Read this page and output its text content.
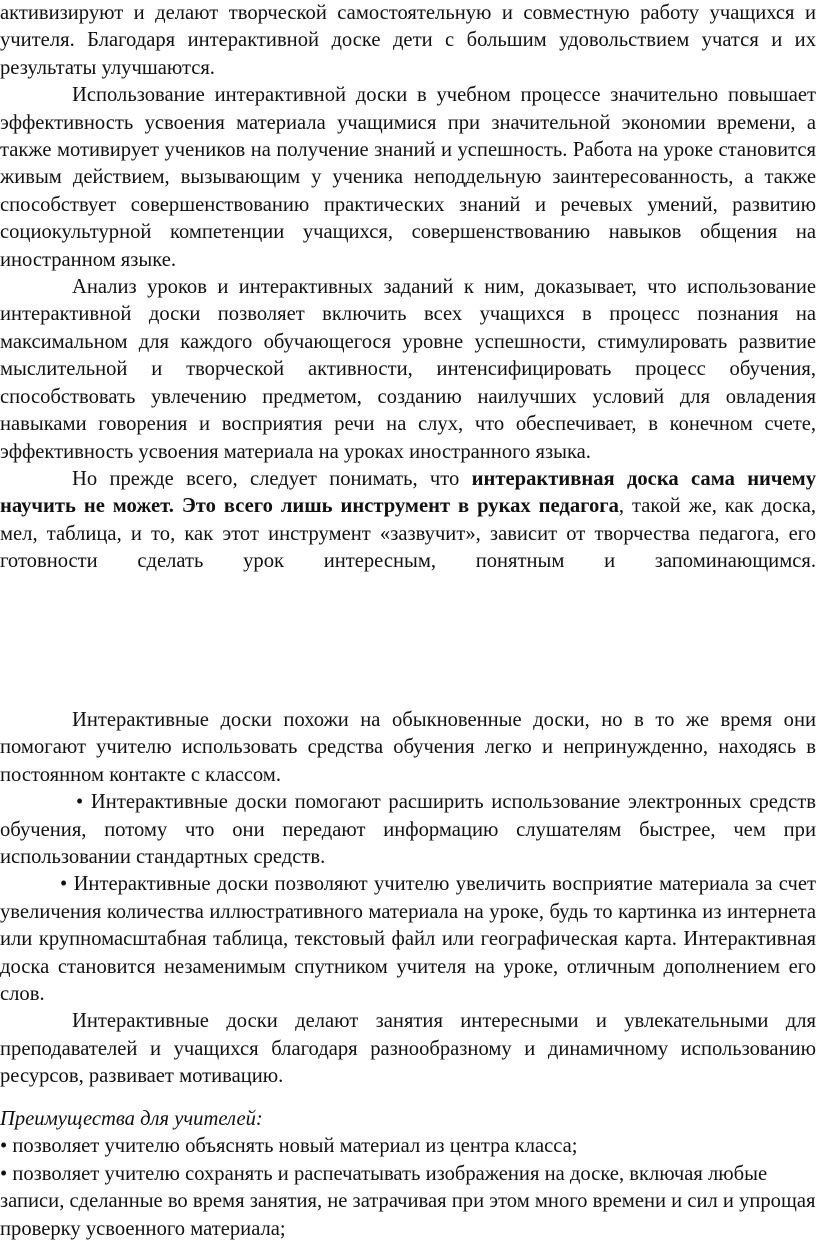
активизируют и делают творческой самостоятельную и совместную работу учащихся и учителя. Благодаря интерактивной доске дети с большим удовольствием учатся и их результаты улучшаются.

Использование интерактивной доски в учебном процессе значительно повышает эффективность усвоения материала учащимися при значительной экономии времени, а также мотивирует учеников на получение знаний и успешность. Работа на уроке становится живым действием, вызывающим у ученика неподдельную заинтересованность, а также способствует совершенствованию практических знаний и речевых умений, развитию социокультурной компетенции учащихся, совершенствованию навыков общения на иностранном языке.

Анализ уроков и интерактивных заданий к ним, доказывает, что использование интерактивной доски позволяет включить всех учащихся в процесс познания на максимальном для каждого обучающегося уровне успешности, стимулировать развитие мыслительной и творческой активности, интенсифицировать процесс обучения, способствовать увлечению предметом, созданию наилучших условий для овладения навыками говорения и восприятия речи на слух, что обеспечивает, в конечном счете, эффективность усвоения материала на уроках иностранного языка.

Но прежде всего, следует понимать, что интерактивная доска сама ничему научить не может. Это всего лишь инструмент в руках педагога, такой же, как доска, мел, таблица, и то, как этот инструмент «зазвучит», зависит от творчества педагога, его готовности сделать урок интересным, понятным и запоминающимся.

Интерактивные доски похожи на обыкновенные доски, но в то же время они помогают учителю использовать средства обучения легко и непринужденно, находясь в постоянном контакте с классом.

• Интерактивные доски помогают расширить использование электронных средств обучения, потому что они передают информацию слушателям быстрее, чем при использовании стандартных средств.

• Интерактивные доски позволяют учителю увеличить восприятие материала за счет увеличения количества иллюстративного материала на уроке, будь то картинка из интернета или крупномасштабная таблица, текстовый файл или географическая карта. Интерактивная доска становится незаменимым спутником учителя на уроке, отличным дополнением его слов.

Интерактивные доски делают занятия интересными и увлекательными для преподавателей и учащихся благодаря разнообразному и динамичному использованию ресурсов, развивает мотивацию.

Преимущества для учителей:

• позволяет учителю объяснять новый материал из центра класса;

• позволяет учителю сохранять и распечатывать изображения на доске, включая любые записи, сделанные во время занятия, не затрачивая при этом много времени и сил и упрощая проверку усвоенного материала;
